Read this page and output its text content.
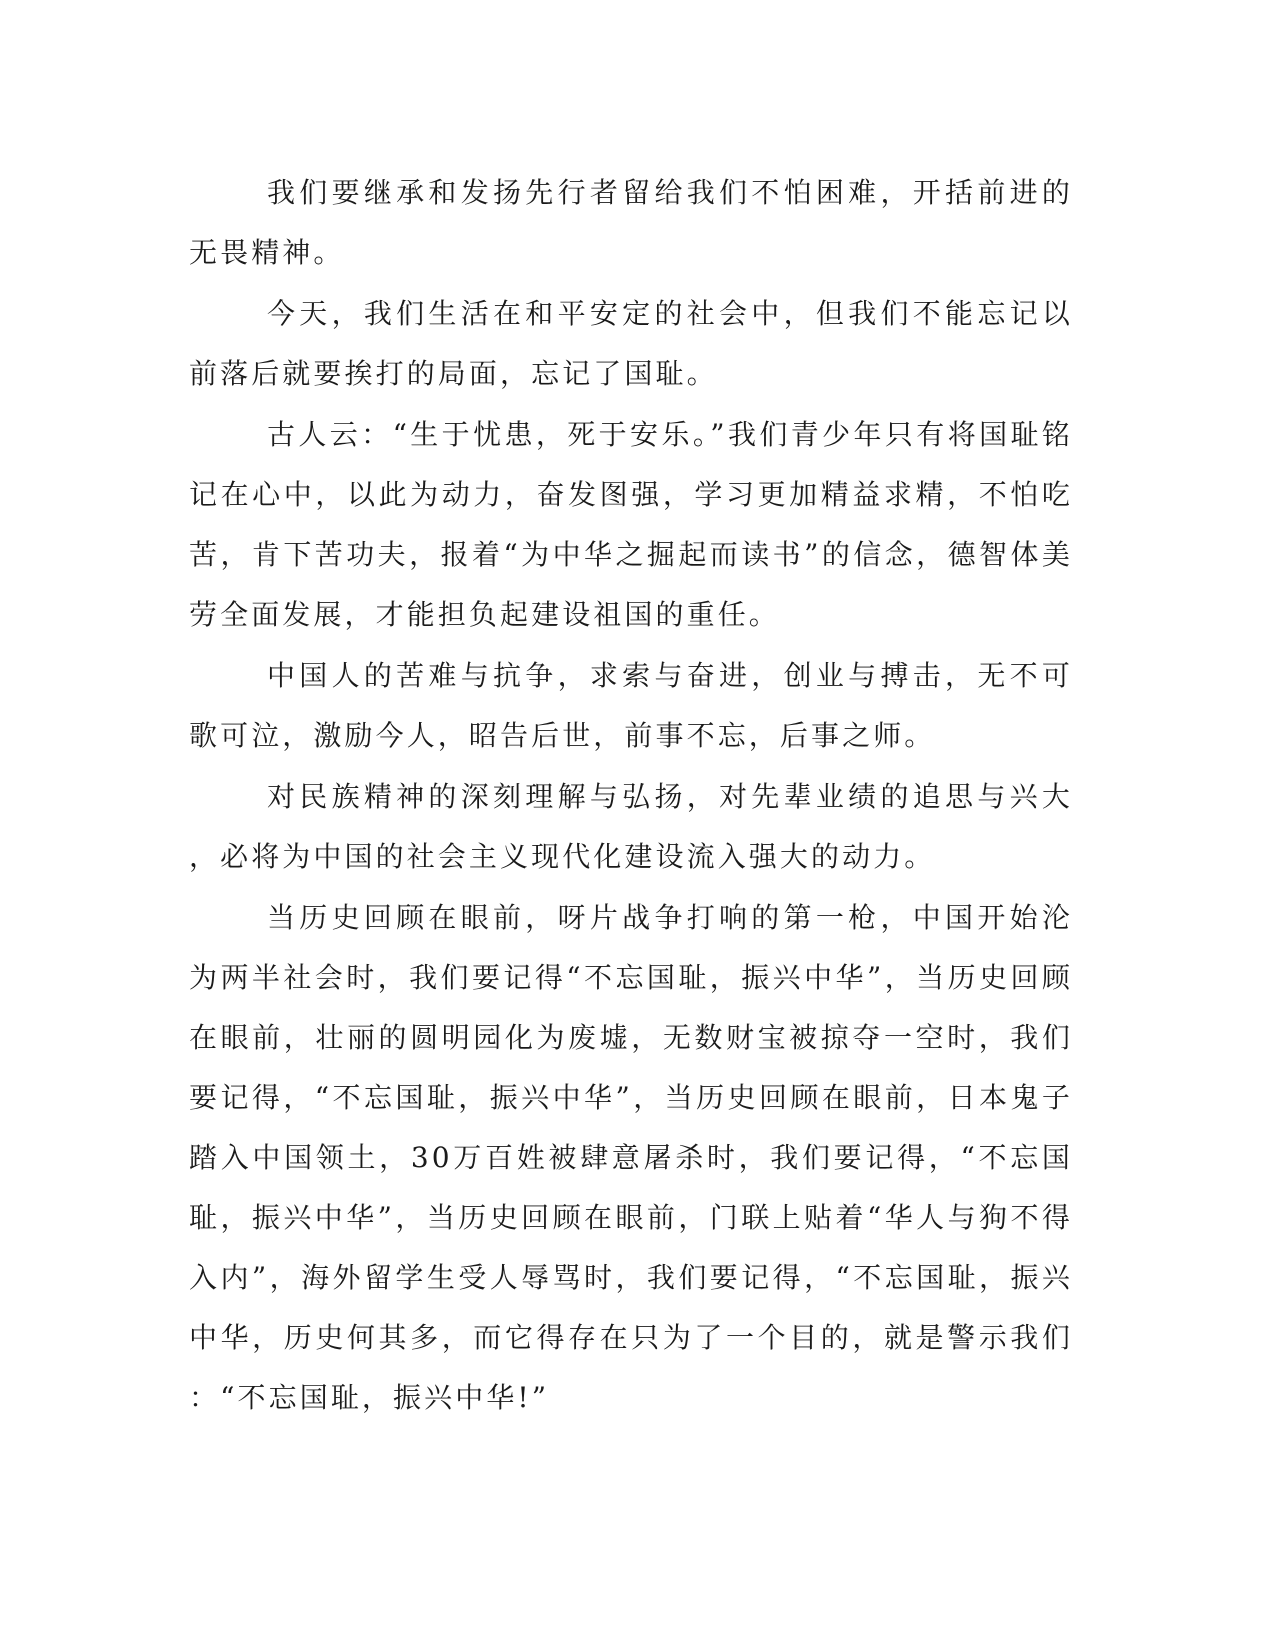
我们要继承和发扬先行者留给我们不怕困难，开括前进的无畏精神。

今天，我们生活在和平安定的社会中，但我们不能忘记以前落后就要挨打的局面，忘记了国耻。

古人云：“生于忧患，死于安乐。”我们青少年只有将国耻铭记在心中，以此为动力，奋发图强，学习更加精益求精，不怕吃苦，肯下苦功夫，报着“为中华之掘起而读书”的信念，德智体美劳全面发展，才能担负起建设祖国的重任。

中国人的苦难与抗争，求索与奋进，创业与搏击，无不可歌可泣，激励今人，昭告后世，前事不忘，后事之师。

对民族精神的深刻理解与弘扬，对先辈业绩的追思与兴大，必将为中国的社会主义现代化建设流入强大的动力。

当历史回顾在眼前，呀片战争打响的第一枪，中国开始沦为两半社会时，我们要记得“不忘国耻，振兴中华”，当历史回顾在眼前，壮丽的圆明园化为废墟，无数财宝被掠夺一空时，我们要记得，“不忘国耻，振兴中华”，当历史回顾在眼前，日本鬼子踏入中国领土，30万百姓被肆意屠杀时，我们要记得，“不忘国耻，振兴中华”，当历史回顾在眼前，门联上贴着“华人与狗不得入内”，海外留学生受人辱骂时，我们要记得，“不忘国耻，振兴中华，历史何其多，而它得存在只为了一个目的，就是警示我们：“不忘国耻，振兴中华!”
